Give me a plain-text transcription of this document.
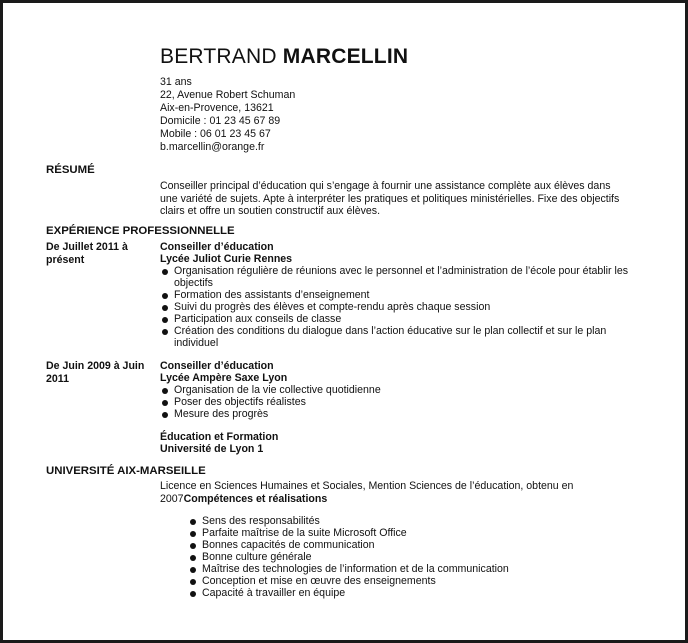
BERTRAND MARCELLIN
31 ans
22, Avenue Robert Schuman
Aix-en-Provence, 13621
Domicile : 01 23 45 67 89
Mobile : 06 01 23 45 67
b.marcellin@orange.fr
RÉSUMÉ
Conseiller principal d’éducation qui s’engage à fournir une assistance complète aux élèves dans une variété de sujets. Apte à interpréter les pratiques et politiques ministérielles. Fixe des objectifs clairs et offre un soutien constructif aux élèves.
EXPÉRIENCE PROFESSIONNELLE
De Juillet 2011 à présent
Conseiller d’éducation
Lycée Juliot Curie Rennes
Organisation régulière de réunions avec le personnel et l’administration de l’école pour établir les objectifs
Formation des assistants d’enseignement
Suivi du progrès des élèves et compte-rendu après chaque session
Participation aux conseils de classe
Création des conditions du dialogue dans l’action éducative sur le plan collectif et sur le plan individuel
De Juin 2009 à Juin 2011
Conseiller d’éducation
Lycée Ampère Saxe Lyon
Organisation de la vie collective quotidienne
Poser des objectifs réalistes
Mesure des progrès
Éducation et Formation
Université de Lyon 1
UNIVERSITÉ AIX-MARSEILLE
Licence en Sciences Humaines et Sociales, Mention Sciences de l’éducation, obtenu en 2007Compétences et réalisations
Sens des responsabilités
Parfaite maîtrise de la suite Microsoft Office
Bonnes capacités de communication
Bonne culture générale
Maîtrise des technologies de l’information et de la communication
Conception et mise en œuvre des enseignements
Capacité à travailler en équipe
